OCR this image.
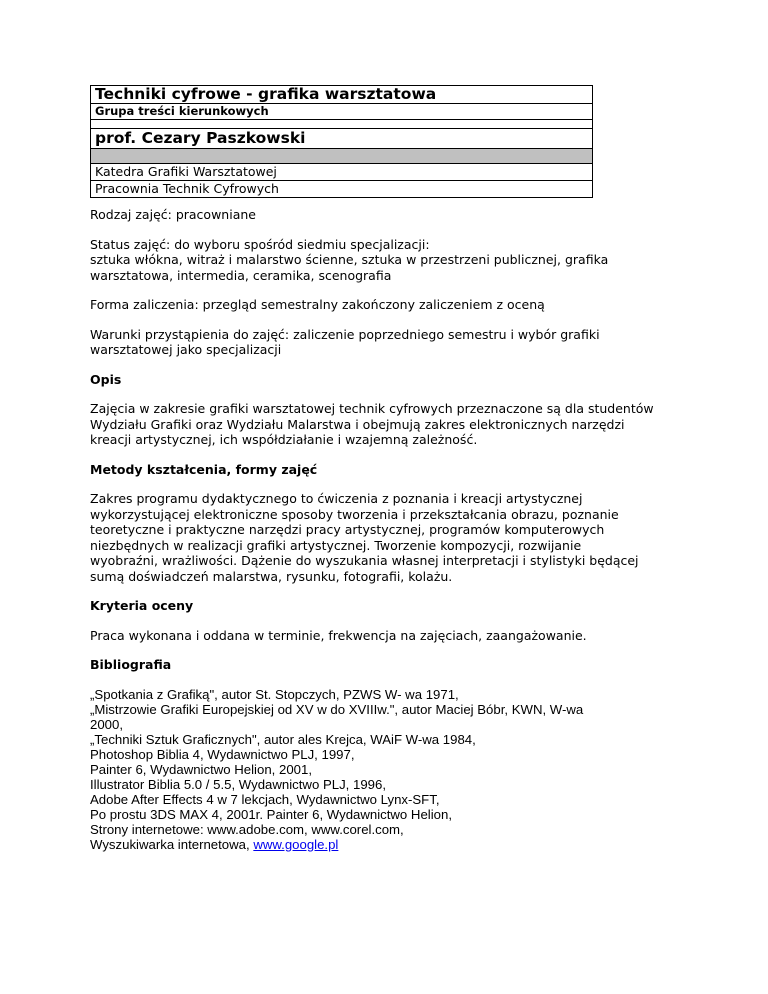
Techniki cyfrowe - grafika warsztatowa
Grupa treści kierunkowych

prof. Cezary Paszkowski

Katedra Grafiki Warsztatowej
Pracownia Technik Cyfrowych

Rodzaj zajęć: pracowniane

Status zajęć: do wyboru spośród siedmiu specjalizacji:
sztuka włókna, witraż i malarstwo ścienne, sztuka w przestrzeni publicznej, grafika
warsztatowa, intermedia, ceramika, scenografia

Forma zaliczenia: przegląd semestralny zakończony zaliczeniem z oceną

Warunki przystąpienia do zajęć: zaliczenie poprzedniego semestru i wybór grafiki
warsztatowej jako specjalizacji

Opis

Zajęcia w zakresie grafiki warsztatowej technik cyfrowych przeznaczone są dla studentów
Wydziału Grafiki oraz Wydziału Malarstwa i obejmują zakres elektronicznych narzędzi
kreacji artystycznej, ich współdziałanie i wzajemną zależność.

Metody kształcenia, formy zajęć

Zakres programu dydaktycznego to ćwiczenia z poznania i kreacji artystycznej
wykorzystującej elektroniczne sposoby tworzenia i przekształcania obrazu, poznanie
teoretyczne i praktyczne narzędzi pracy artystycznej, programów komputerowych
niezbędnych w realizacji grafiki artystycznej. Tworzenie kompozycji, rozwijanie
wyobraźni, wrażliwości. Dążenie do wyszukania własnej interpretacji i stylistyki będącej
sumą doświadczeń malarstwa, rysunku, fotografii, kolażu.

Kryteria oceny

Praca wykonana i oddana w terminie, frekwencja na zajęciach, zaangażowanie.

Bibliografia

„Spotkania z Grafiką", autor St. Stopczych, PZWS W- wa 1971,
„Mistrzowie Grafiki Europejskiej od XV w do XVIIIw.", autor Maciej Bóbr, KWN, W-wa
2000,
„Techniki Sztuk Graficznych", autor ales Krejca, WAiF W-wa 1984,
Photoshop Biblia 4, Wydawnictwo PLJ, 1997,
Painter 6, Wydawnictwo Helion, 2001,
Illustrator Biblia 5.0 / 5.5, Wydawnictwo PLJ, 1996,
Adobe After Effects 4 w 7 lekcjach, Wydawnictwo Lynx-SFT,
Po prostu 3DS MAX 4, 2001r. Painter 6, Wydawnictwo Helion,
Strony internetowe: www.adobe.com, www.corel.com,
Wyszukiwarka internetowa, www.google.pl
